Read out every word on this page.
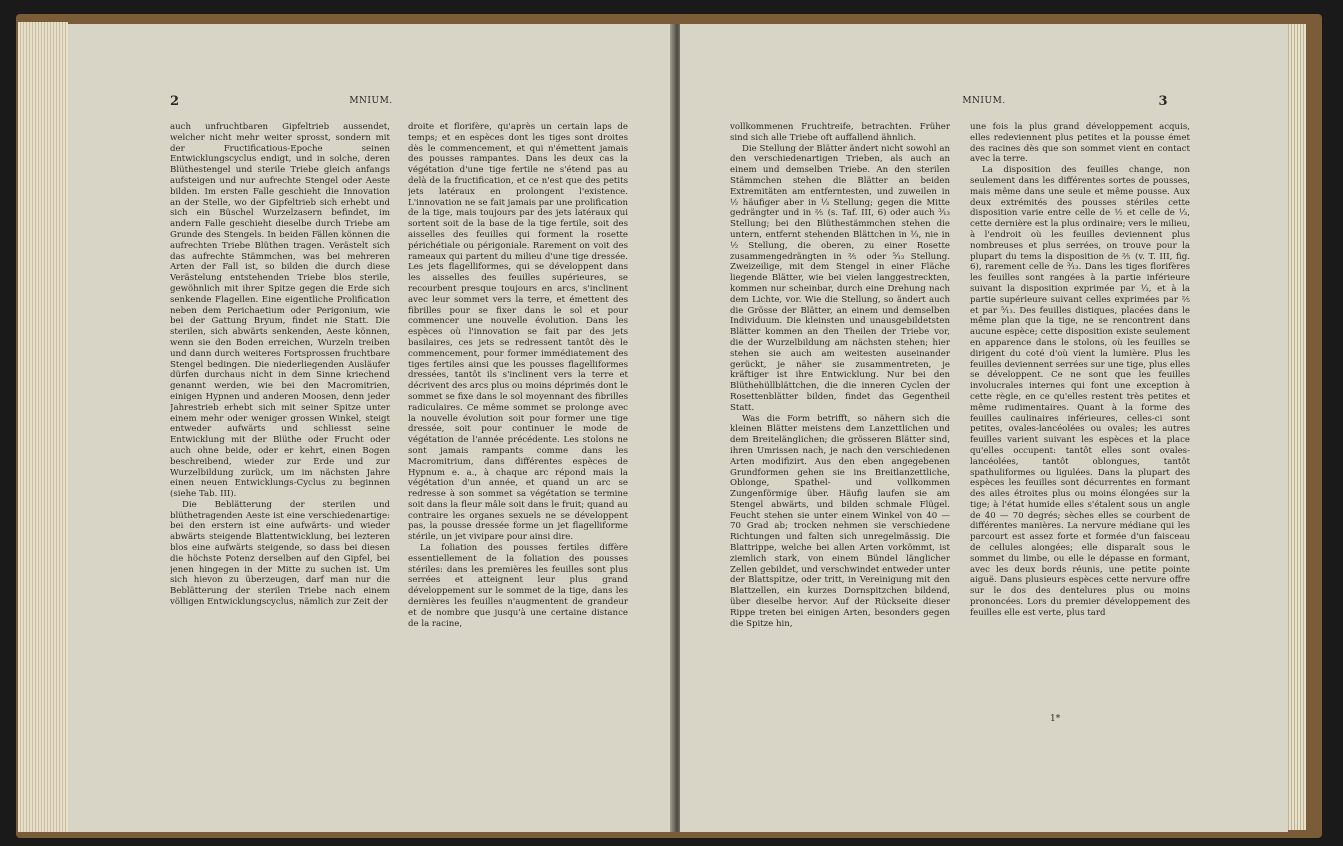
2	MNIUM.

auch unfruchtbaren Gipfeltrieb aussendet, welcher nicht mehr weiter sprosst, sondern mit der Fructificatious-Epoche seinen Entwicklungscyclus endigt, und in solche, deren Blüthestengel und sterile Triebe gleich anfangs aufsteigen und nur aufrechte Stengel oder Aeste bilden. Im ersten Falle geschieht die Innovation an der Stelle, wo der Gipfeltrieb sich erhebt und sich ein Büschel Wurzelzasern befindet, im andern Falle geschieht dieselbe durch Triebe am Grunde des Stengels. In beiden Fällen können die aufrechten Triebe Blüthen tragen. Verästelt sich das aufrechte Stämmchen, was bei mehreren Arten der Fall ist, so bilden die durch diese Verästelung entstehenden Triebe blos sterile, gewöhnlich mit ihrer Spitze gegen die Erde sich senkende Flagellen. Eine eigentliche Prolification neben dem Perichaetium oder Perigonium, wie bei der Gattung Bryum, findet nie Statt. Die sterilen, sich abwärts senkenden, Aeste können, wenn sie den Boden erreichen, Wurzeln treiben und dann durch weiteres Fortsprossen fruchtbare Stengel bedingen. Die niederliegenden Ausläufer dürfen durchaus nicht in dem Sinne kriechend genannt werden, wie bei den Macromitrien, einigen Hypnen und anderen Moosen, denn jeder Jahrestrieb erhebt sich mit seiner Spitze unter einem mehr oder weniger grossen Winkel, steigt entweder aufwärts und schliesst seine Entwicklung mit der Blüthe oder Frucht oder auch ohne beide, oder er kehrt, einen Bogen beschreibend, wieder zur Erde und zur Wurzelbildung zurück, um im nächsten Jahre einen neuen Entwicklungs-Cyclus zu beginnen (siehe Tab. III).

Die Beblätterung der sterilen und blüthetragenden Aeste ist eine verschiedenartige: bei den erstern ist eine aufwärts- und wieder abwärts steigende Blattentwicklung, bei lezteren blos eine aufwärts steigende, so dass bei diesen die höchste Potenz derselben auf den Gipfel, bei jenen hingegen in der Mitte zu suchen ist. Um sich hievon zu überzeugen, darf man nur die Beblätterung der sterilen Triebe nach einem völligen Entwicklungscyclus, nämlich zur Zeit der

droite et florifère, qu'après un certain laps de temps; et en espèces dont les tiges sont droites dès le commencement, et qui n'émettent jamais des pousses rampantes. Dans les deux cas la végétation d'une tige fertile ne s'étend pas au delà de la fructification, et ce n'est que des petits jets latéraux en prolongent l'existence. L'innovation ne se fait jamais par une prolification de la tige, mais toujours par des jets latéraux qui sortent soit de la base de la tige fertile, soit des aisselles des feuilles qui forment la rosette périchétiale ou périgoniale. Rarement on voit des rameaux qui partent du milieu d'une tige dressée. Les jets flagelliformes, qui se développent dans les aisselles des feuilles supérieures, se recourbent presque toujours en arcs, s'inclinent avec leur sommet vers la terre, et émettent des fibrilles pour se fixer dans le sol et pour commencer une nouvelle évolution. Dans les espèces où l'innovation se fait par des jets basilaires, ces jets se redressent tantôt dès le commencement, pour former immédiatement des tiges fertiles ainsi que les pousses flagelliformes dressées, tantôt ils s'inclinent vers la terre et décrivent des arcs plus ou moins déprimés dont le sommet se fixe dans le sol moyennant des fibrilles radiculaires. Ce même sommet se prolonge avec la nouvelle évolution soit pour former une tige dressée, soit pour continuer le mode de végétation de l'année précédente. Les stolons ne sont jamais rampants comme dans les Macromitrium, dans différentes espèces de Hypnum e. a., à chaque arc répond mais la végétation d'un année, et quand un arc se redresse à son sommet sa végétation se termine soit dans la fleur mâle soit dans le fruit; quand au contraire les organes sexuels ne se développent pas, la pousse dressée forme un jet flagelliforme stérile, un jet vivipare pour ainsi dire.

La foliation des pousses fertiles diffère essentiellement de la foliation des pousses stériles: dans les premières les feuilles sont plus serrées et atteignent leur plus grand développement sur le sommet de la tige, dans les dernières les feuilles n'augmentent de grandeur et de nombre que jusqu'à une certaine distance de la racine,

MNIUM.	3

vollkommenen Fruchtreife, betrachten. Früher sind sich alle Triebe oft auffallend ähnlich.

Die Stellung der Blätter ändert nicht sowohl an den verschiedenartigen Trieben, als auch an einem und demselben Triebe. An den sterilen Stämmchen stehen die Blätter an beiden Extremitäten am entferntesten, und zuweilen in ½ häufiger aber in ⅓ Stellung; gegen die Mitte gedrängter und in ⅖ (s. Taf. III, 6) oder auch ³⁄₁₃ Stellung; bei den Blüthestämmchen stehen die untern, entfernt stehenden Blättchen in ⅓, nie in ½ Stellung, die oberen, zu einer Rosette zusammengedrängten in ⅖ oder ⁵⁄₁₃ Stellung. Zweizeilige, mit dem Stengel in einer Fläche liegende Blätter, wie bei vielen langgestreckten, kommen nur scheinbar, durch eine Drehung nach dem Lichte, vor. Wie die Stellung, so ändert auch die Grösse der Blätter, an einem und demselben Individuum. Die kleinsten und unausgebildetsten Blätter kommen an den Theilen der Triebe vor, die der Wurzelbildung am nächsten stehen; hier stehen sie auch am weitesten auseinander gerückt, je näher sie zusammentreten, je kräftiger ist ihre Entwicklung. Nur bei den Blüthehüllblättchen, die die inneren Cyclen der Rosettenblätter bilden, findet das Gegentheil Statt.

Was die Form betrifft, so nähern sich die kleinen Blätter meistens dem Lanzettlichen und dem Breitelänglichen; die grösseren Blätter sind, ihren Umrissen nach, je nach den verschiedenen Arten modifizirt. Aus den eben angegebenen Grundformen gehen sie ins Breitlanzettliche, Oblonge, Spathel- und vollkommen Zungenförmige über. Häufig laufen sie am Stengel abwärts, und bilden schmale Flügel. Feucht stehen sie unter einem Winkel von 40 — 70 Grad ab; trocken nehmen sie verschiedene Richtungen und falten sich unregelmässig. Die Blattrippe, welche bei allen Arten vorkömmt, ist ziemlich stark, von einem Bündel länglicher Zellen gebildet, und verschwindet entweder unter der Blattspitze, oder tritt, in Vereinigung mit den Blattzellen, ein kurzes Dornspitzchen bildend, über dieselbe hervor. Auf der Rückseite dieser Rippe treten bei einigen Arten, besonders gegen die Spitze hin,

une fois la plus grand développement acquis, elles redeviennent plus petites et la pousse émet des racines dès que son sommet vient en contact avec la terre.

La disposition des feuilles change, non seulement dans les différentes sortes de pousses, mais même dans une seule et même pousse. Aux deux extrémités des pousses stériles cette disposition varie entre celle de ½ et celle de ⅓, cette dernière est la plus ordinaire; vers le milieu, à l'endroit où les feuilles deviennent plus nombreuses et plus serrées, on trouve pour la plupart du tems la disposition de ⅖ (v. T. III, fig. 6), rarement celle de ³⁄₁₃. Dans les tiges florifères les feuilles sont rangées à la partie inférieure suivant la disposition exprimée par ⅓, et à la partie supérieure suivant celles exprimées par ⅖ et par ⁵⁄₁₃. Des feuilles distiques, placées dans le même plan que la tige, ne se rencontrent dans aucune espèce; cette disposition existe seulement en apparence dans le stolons, où les feuilles se dirigent du coté d'où vient la lumière. Plus les feuilles deviennent serrées sur une tige, plus elles se développent. Ce ne sont que les feuilles involucrales internes qui font une exception à cette règle, en ce qu'elles restent très petites et même rudimentaires. Quant à la forme des feuilles caulinaires inférieures, celles-ci sont petites, ovales-lancéolées ou ovales; les autres feuilles varient suivant les espèces et la place qu'elles occupent: tantôt elles sont ovales-lancéolées, tantôt oblongues, tantôt spathuliformes ou ligulées. Dans la plupart des espèces les feuilles sont décurrentes en formant des ailes étroites plus ou moins élongées sur la tige; à l'état humide elles s'étalent sous un angle de 40 — 70 degrés; sèches elles se courbent de différentes manières. La nervure médiane qui les parcourt est assez forte et formée d'un faisceau de cellules alongées; elle disparaît sous le sommet du limbe, ou elle le dépasse en formant, avec les deux bords réunis, une petite pointe aiguë. Dans plusieurs espèces cette nervure offre sur le dos des dentelures plus ou moins prononcées. Lors du premier développement des feuilles elle est verte, plus tard

1*
